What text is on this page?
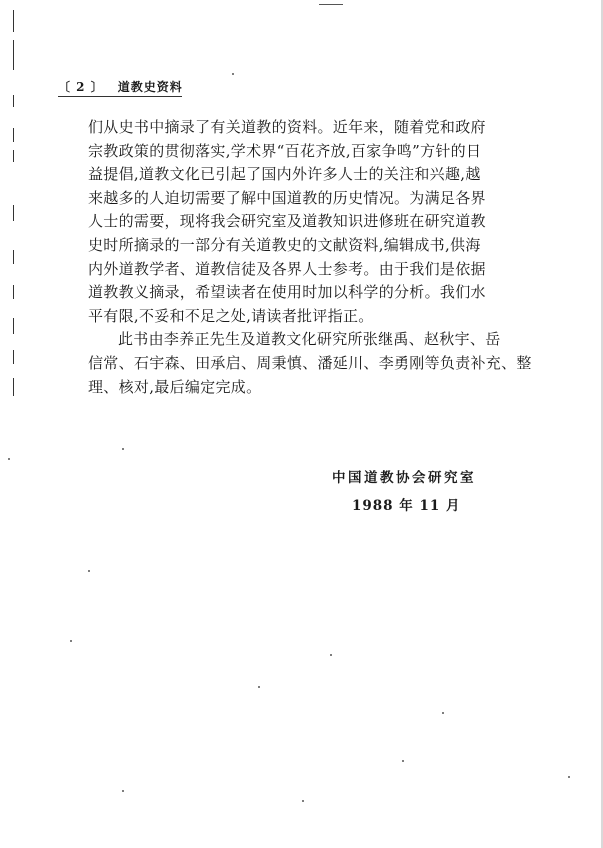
〔 2 〕 道教史资料

们从史书中摘录了有关道教的资料。近年来，随着党和政府
宗教政策的贯彻落实,学术界“百花齐放,百家争鸣”方针的日
益提倡,道教文化已引起了国内外许多人士的关注和兴趣,越
来越多的人迫切需要了解中国道教的历史情况。为满足各界
人士的需要，现将我会研究室及道教知识进修班在研究道教
史时所摘录的一部分有关道教史的文献资料,编辑成书,供海
内外道教学者、道教信徒及各界人士参考。由于我们是依据
道教教义摘录，希望读者在使用时加以科学的分析。我们水
平有限,不妥和不足之处,请读者批评指正。

此书由李养正先生及道教文化研究所张继禹、赵秋宇、岳
信常、石宇森、田承启、周秉慎、潘延川、李勇刚等负责补充、整
理、核对,最后编定完成。

中国道教协会研究室
1988 年 11 月
